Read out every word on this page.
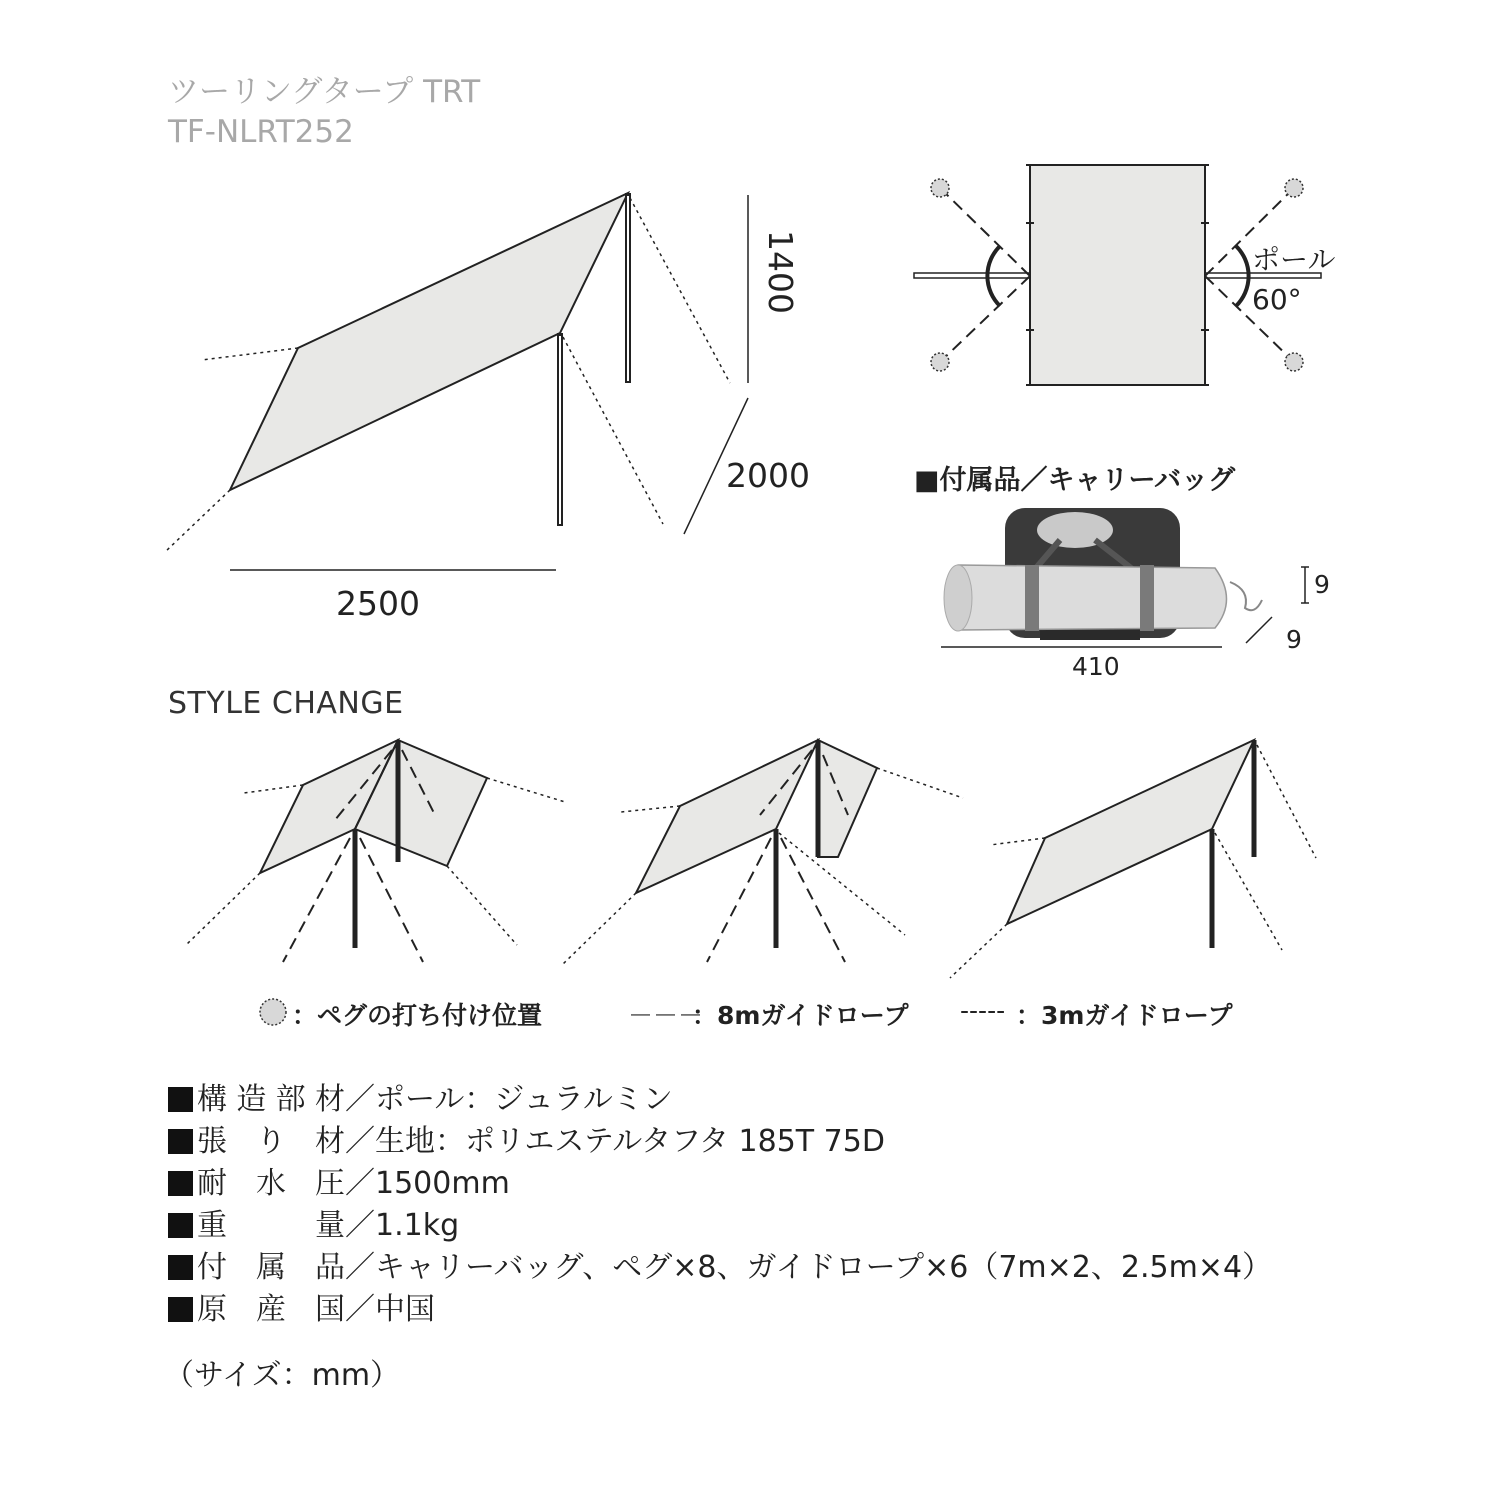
ツーリングタープ TRT
TF-NLRT252
1400
2000
2500
ポール
60°
■付属品／キャリーバッグ
9
9
410
STYLE CHANGE
：ペグの打ち付け位置	－－－
：8mガイドロープ ‐‐‐‐‐ ：3mガイドロープ
構造部材／ポール：ジュラルミン
張り材／生地：ポリエステルタフタ 185T 75D
耐水圧／1500mm
重量／1.1kg
付属品／キャリーバッグ、ペグ×8、ガイドロープ×6（7m×2、2.5m×4）
原産国／中国
（サイズ：mm）
